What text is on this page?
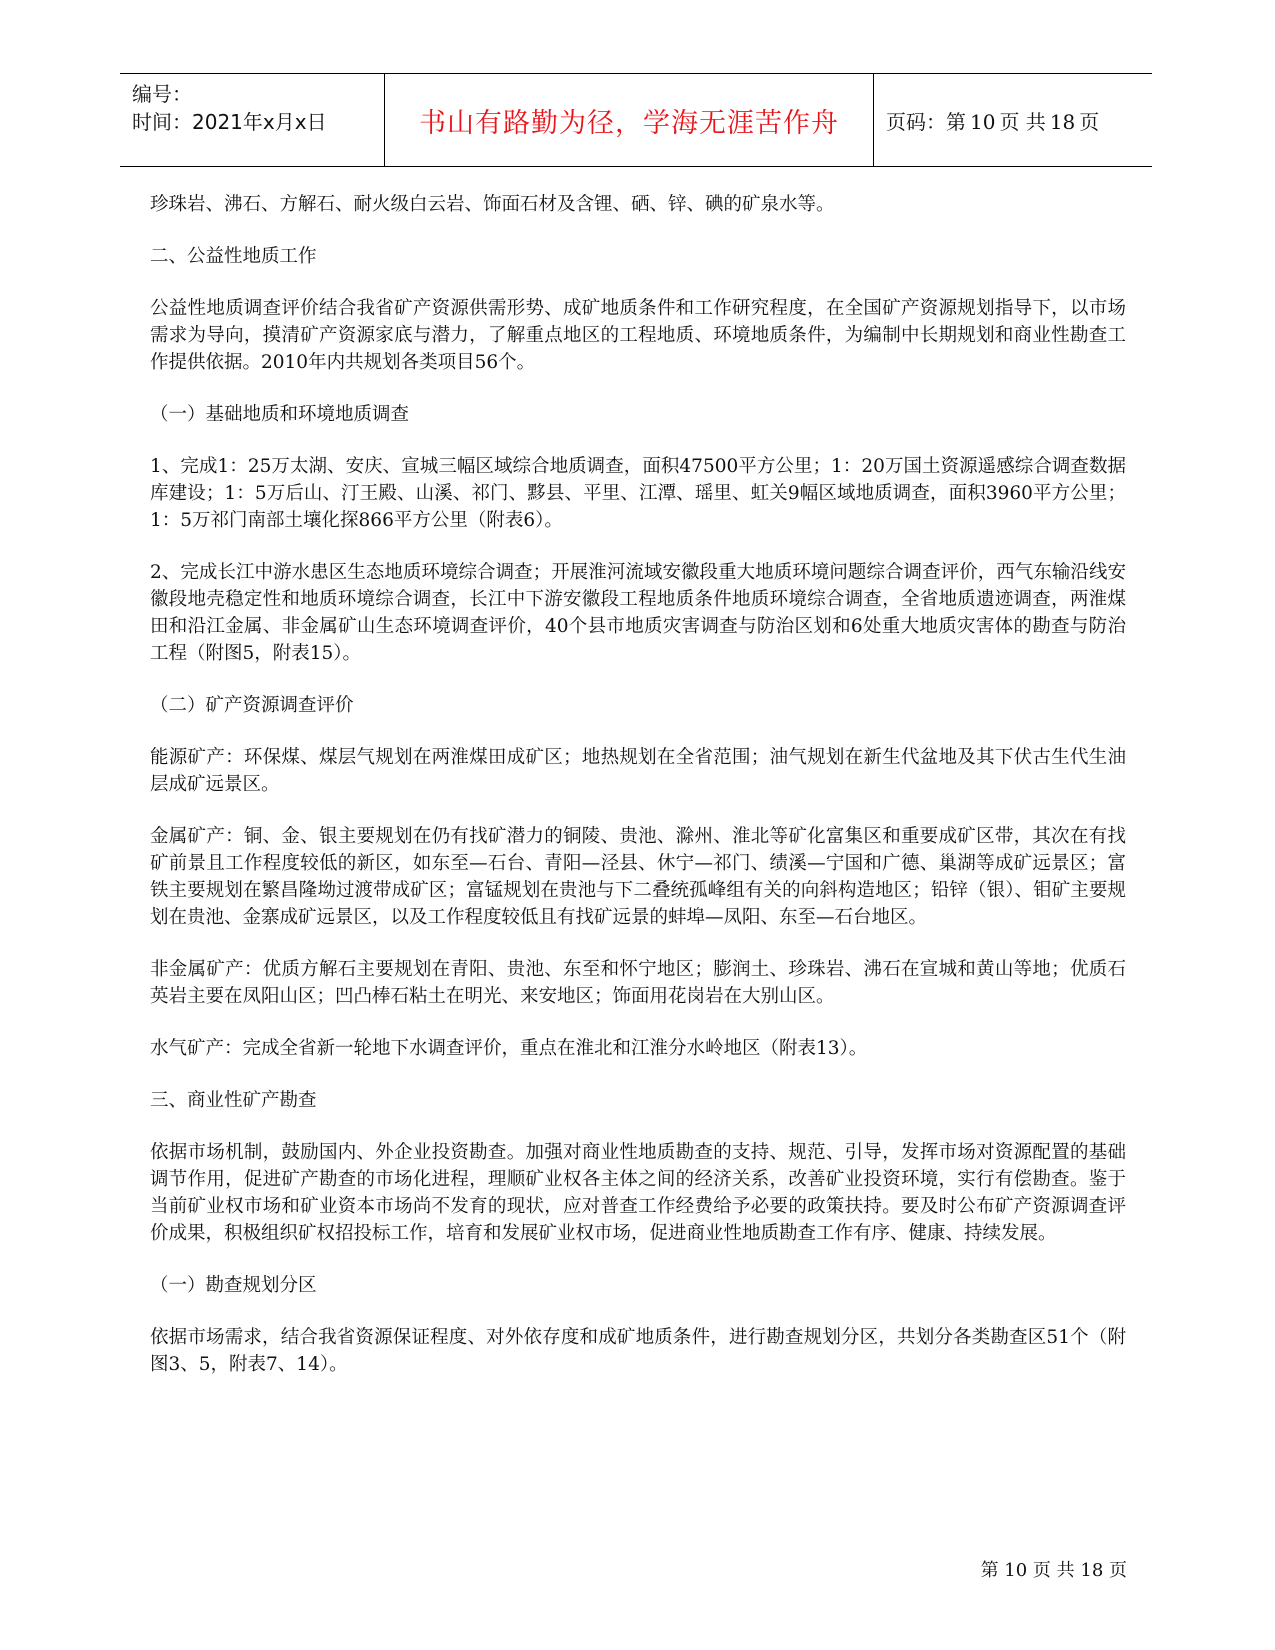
编号：
时间：2021年x月x日	书山有路勤为径，学海无涯苦作舟 页码：第 10 页 共 18 页

珍珠岩、沸石、方解石、耐火级白云岩、饰面石材及含锂、硒、锌、碘的矿泉水等。

二、公益性地质工作

公益性地质调查评价结合我省矿产资源供需形势、成矿地质条件和工作研究程度，在全国矿产资源规划指导下，以市场需求为导向，摸清矿产资源家底与潜力，了解重点地区的工程地质、环境地质条件，为编制中长期规划和商业性勘查工作提供依据。2010年内共规划各类项目56个。

（一）基础地质和环境地质调查

1、完成1：25万太湖、安庆、宣城三幅区域综合地质调查，面积47500平方公里；1：20万国土资源遥感综合调查数据库建设；1：5万后山、汀王殿、山溪、祁门、黟县、平里、江潭、瑶里、虹关9幅区域地质调查，面积3960平方公里；1：5万祁门南部土壤化探866平方公里（附表6）。

2、完成长江中游水患区生态地质环境综合调查；开展淮河流域安徽段重大地质环境问题综合调查评价，西气东输沿线安徽段地壳稳定性和地质环境综合调查，长江中下游安徽段工程地质条件地质环境综合调查，全省地质遗迹调查，两淮煤田和沿江金属、非金属矿山生态环境调查评价，40个县市地质灾害调查与防治区划和6处重大地质灾害体的勘查与防治工程（附图5，附表15）。

（二）矿产资源调查评价

能源矿产：环保煤、煤层气规划在两淮煤田成矿区；地热规划在全省范围；油气规划在新生代盆地及其下伏古生代生油层成矿远景区。

金属矿产：铜、金、银主要规划在仍有找矿潜力的铜陵、贵池、滁州、淮北等矿化富集区和重要成矿区带，其次在有找矿前景且工作程度较低的新区，如东至—石台、青阳—泾县、休宁—祁门、绩溪—宁国和广德、巢湖等成矿远景区；富铁主要规划在繁昌隆坳过渡带成矿区；富锰规划在贵池与下二叠统孤峰组有关的向斜构造地区；铅锌（银）、钼矿主要规划在贵池、金寨成矿远景区，以及工作程度较低且有找矿远景的蚌埠—凤阳、东至—石台地区。

非金属矿产：优质方解石主要规划在青阳、贵池、东至和怀宁地区；膨润土、珍珠岩、沸石在宣城和黄山等地；优质石英岩主要在凤阳山区；凹凸棒石粘土在明光、来安地区；饰面用花岗岩在大别山区。

水气矿产：完成全省新一轮地下水调查评价，重点在淮北和江淮分水岭地区（附表13）。

三、商业性矿产勘查

依据市场机制，鼓励国内、外企业投资勘查。加强对商业性地质勘查的支持、规范、引导，发挥市场对资源配置的基础调节作用，促进矿产勘查的市场化进程，理顺矿业权各主体之间的经济关系，改善矿业投资环境，实行有偿勘查。鉴于当前矿业权市场和矿业资本市场尚不发育的现状，应对普查工作经费给予必要的政策扶持。要及时公布矿产资源调查评价成果，积极组织矿权招投标工作，培育和发展矿业权市场，促进商业性地质勘查工作有序、健康、持续发展。

（一）勘查规划分区

依据市场需求，结合我省资源保证程度、对外依存度和成矿地质条件，进行勘查规划分区，共划分各类勘查区51个（附图3、5，附表7、14）。

第 10 页 共 18 页
